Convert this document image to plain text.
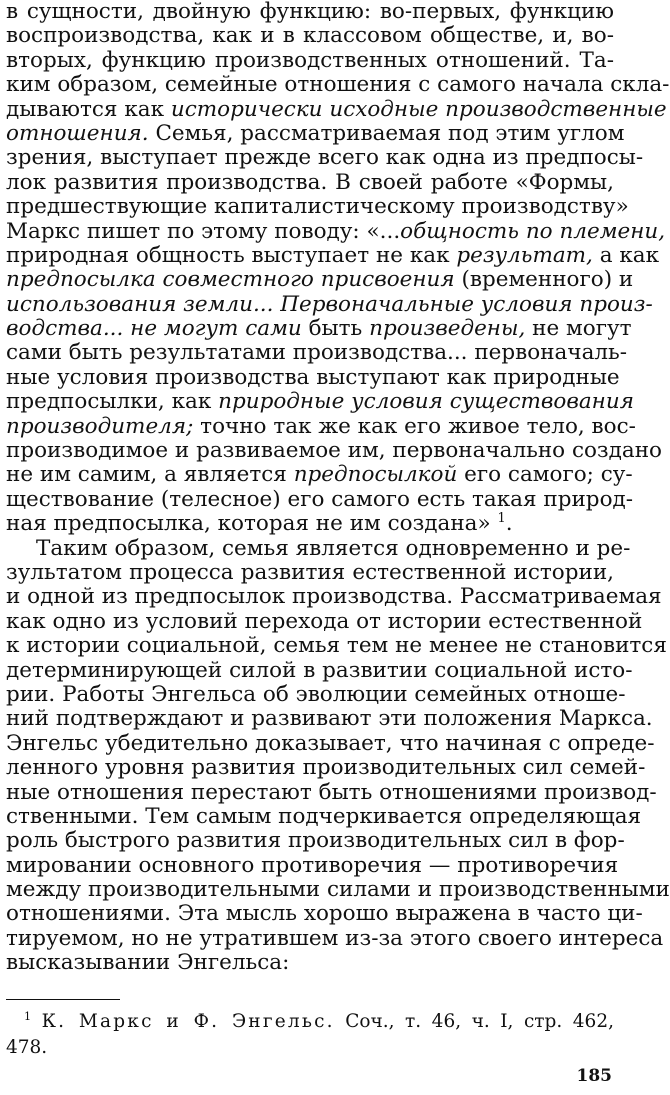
в сущности, двойную функцию: во-первых, функцию
воспроизводства, как и в классовом обществе, и, во-
вторых, функцию производственных отношений. Та-
ким образом, семейные отношения с самого начала скла-
дываются как исторически исходные производственные
отношения. Семья, рассматриваемая под этим углом
зрения, выступает прежде всего как одна из предпосы-
лок развития производства. В своей работе «Формы,
предшествующие капиталистическому производству»
Маркс пишет по этому поводу: «...общность по племени,
природная общность выступает не как результат, а как
предпосылка совместного присвоения (временного) и
использования земли... Первоначальные условия произ-
водства... не могут сами быть произведены, не могут
сами быть результатами производства... первоначаль-
ные условия производства выступают как природные
предпосылки, как природные условия существования
производителя; точно так же как его живое тело, вос-
производимое и развиваемое им, первоначально создано
не им самим, а является предпосылкой его самого; су-
ществование (телесное) его самого есть такая природ-
ная предпосылка, которая не им создана» $^1$.
Таким образом, семья является одновременно и ре-
зультатом процесса развития естественной истории,
и одной из предпосылок производства. Рассматриваемая
как одно из условий перехода от истории естественной
к истории социальной, семья тем не менее не становится
детерминирующей силой в развитии социальной исто-
рии. Работы Энгельса об эволюции семейных отноше-
ний подтверждают и развивают эти положения Маркса.
Энгельс убедительно доказывает, что начиная с опреде-
ленного уровня развития производительных сил семей-
ные отношения перестают быть отношениями производ-
ственными. Тем самым подчеркивается определяющая
роль быстрого развития производительных сил в фор-
мировании основного противоречия — противоречия
между производительными силами и производственными
отношениями. Эта мысль хорошо выражена в часто ци-
тируемом, но не утратившем из-за этого своего интереса
высказывании Энгельса:
$^1$ К. Маркс и Ф. Энгельс. Соч., т. 46, ч. I, стр. 462,
478.
185
